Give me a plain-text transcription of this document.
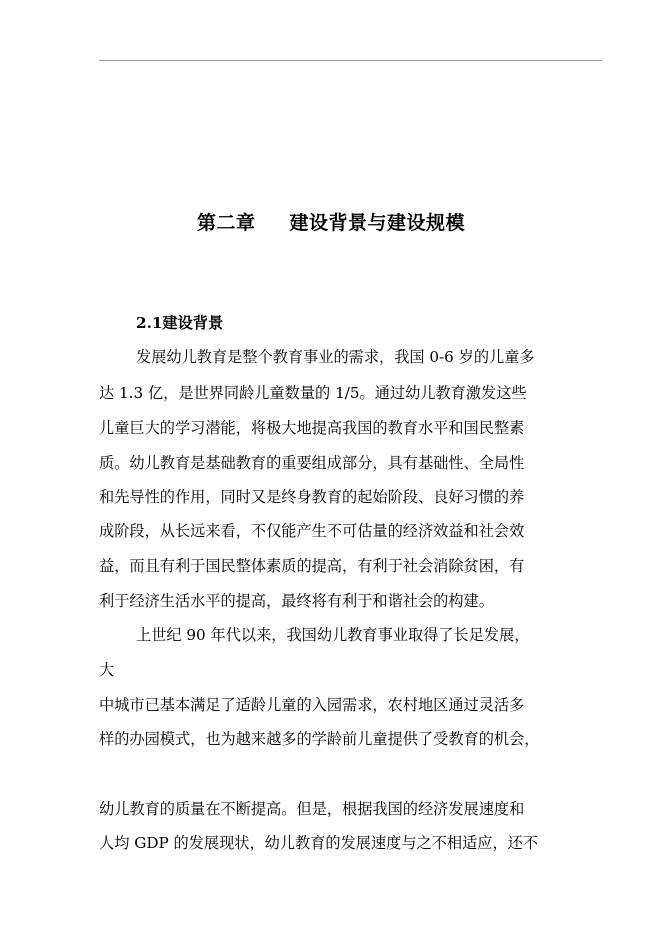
第二章 建设背景与建设规模
2.1建设背景
发展幼儿教育是整个教育事业的需求，我国 0-6 岁的儿童多
达 1.3 亿，是世界同龄儿童数量的 1/5。通过幼儿教育激发这些
儿童巨大的学习潜能，将极大地提高我国的教育水平和国民整素
质。幼儿教育是基础教育的重要组成部分，具有基础性、全局性
和先导性的作用，同时又是终身教育的起始阶段、良好习惯的养
成阶段，从长远来看，不仅能产生不可估量的经济效益和社会效
益，而且有利于国民整体素质的提高，有利于社会消除贫困，有
利于经济生活水平的提高，最终将有利于和谐社会的构建。
上世纪 90 年代以来，我国幼儿教育事业取得了长足发展，
大
中城市已基本满足了适龄儿童的入园需求，农村地区通过灵活多
样的办园模式，也为越来越多的学龄前儿童提供了受教育的机会，
幼儿教育的质量在不断提高。但是，根据我国的经济发展速度和
人均 GDP 的发展现状，幼儿教育的发展速度与之不相适应，还不
